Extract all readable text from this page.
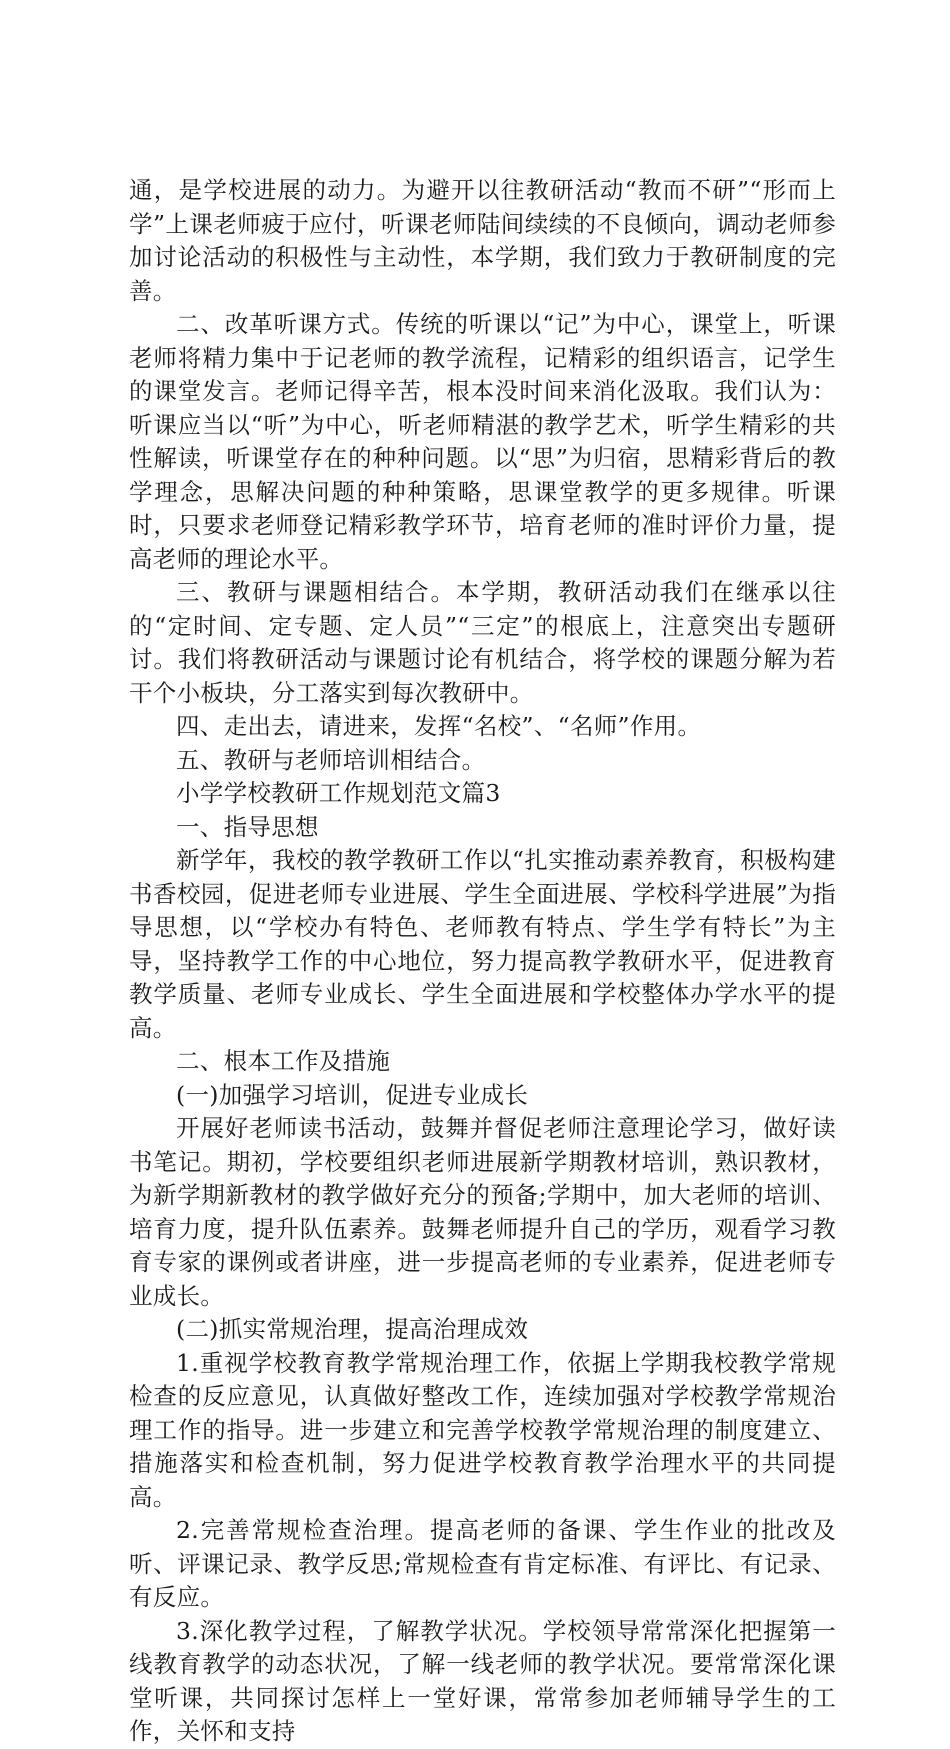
通，是学校进展的动力。为避开以往教研活动“教而不研”“形而上学”上课老师疲于应付，听课老师陆间续续的不良倾向，调动老师参加讨论活动的积极性与主动性，本学期，我们致力于教研制度的完善。

二、改革听课方式。传统的听课以“记”为中心，课堂上，听课老师将精力集中于记老师的教学流程，记精彩的组织语言，记学生的课堂发言。老师记得辛苦，根本没时间来消化汲取。我们认为：听课应当以“听”为中心，听老师精湛的教学艺术，听学生精彩的共性解读，听课堂存在的种种问题。以“思”为归宿，思精彩背后的教学理念，思解决问题的种种策略，思课堂教学的更多规律。听课时，只要求老师登记精彩教学环节，培育老师的准时评价力量，提高老师的理论水平。

三、教研与课题相结合。本学期，教研活动我们在继承以往的“定时间、定专题、定人员”“三定”的根底上，注意突出专题研讨。我们将教研活动与课题讨论有机结合，将学校的课题分解为若干个小板块，分工落实到每次教研中。

四、走出去，请进来，发挥“名校”、“名师”作用。

五、教研与老师培训相结合。

小学学校教研工作规划范文篇3

一、指导思想

新学年，我校的教学教研工作以“扎实推动素养教育，积极构建书香校园，促进老师专业进展、学生全面进展、学校科学进展”为指导思想，以“学校办有特色、老师教有特点、学生学有特长”为主导，坚持教学工作的中心地位，努力提高教学教研水平，促进教育教学质量、老师专业成长、学生全面进展和学校整体办学水平的提高。

二、根本工作及措施

(一)加强学习培训，促进专业成长

开展好老师读书活动，鼓舞并督促老师注意理论学习，做好读书笔记。期初，学校要组织老师进展新学期教材培训，熟识教材，为新学期新教材的教学做好充分的预备;学期中，加大老师的培训、培育力度，提升队伍素养。鼓舞老师提升自己的学历，观看学习教育专家的课例或者讲座，进一步提高老师的专业素养，促进老师专业成长。

(二)抓实常规治理，提高治理成效

1.重视学校教育教学常规治理工作，依据上学期我校教学常规检查的反应意见，认真做好整改工作，连续加强对学校教学常规治理工作的指导。进一步建立和完善学校教学常规治理的制度建立、措施落实和检查机制，努力促进学校教育教学治理水平的共同提高。

2.完善常规检查治理。提高老师的备课、学生作业的批改及听、评课记录、教学反思;常规检查有肯定标准、有评比、有记录、有反应。

3.深化教学过程，了解教学状况。学校领导常常深化把握第一线教育教学的动态状况，了解一线老师的教学状况。要常常深化课堂听课，共同探讨怎样上一堂好课，常常参加老师辅导学生的工作，关怀和支持
